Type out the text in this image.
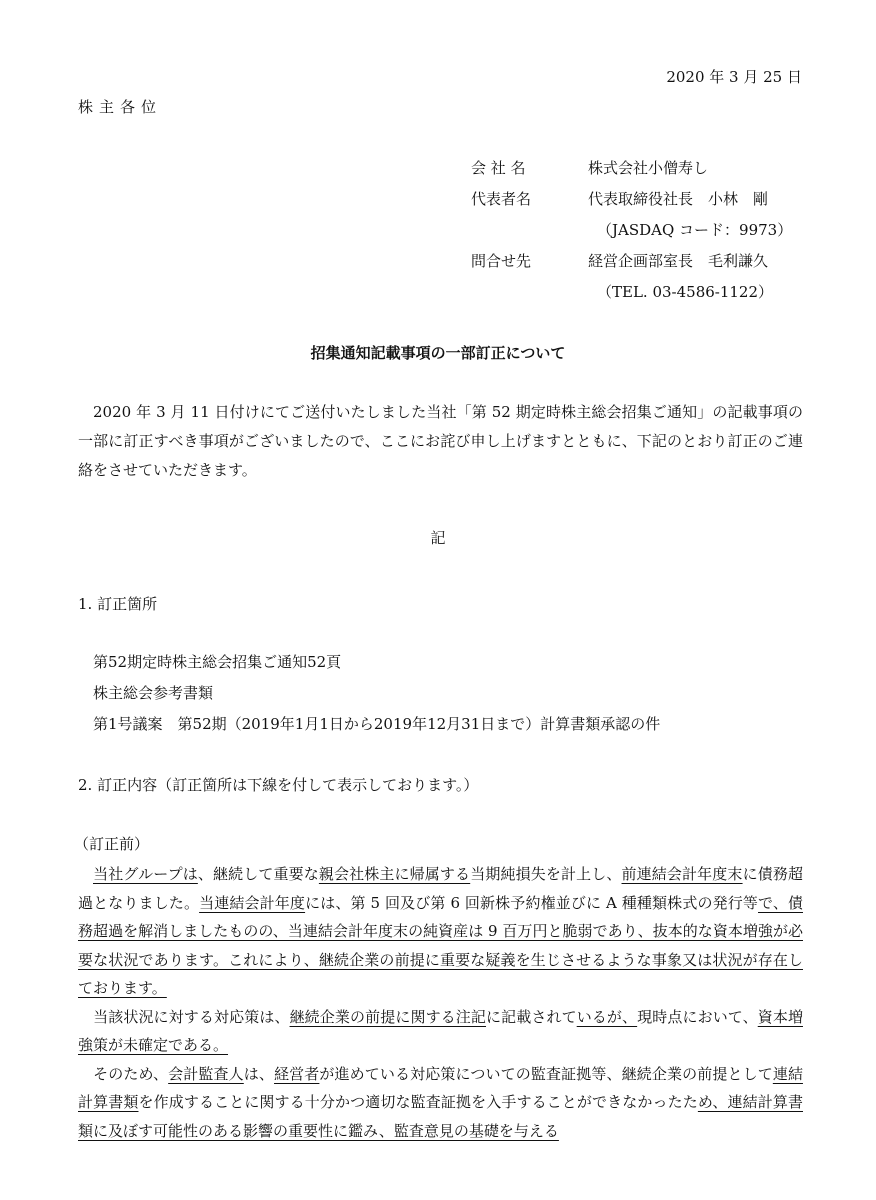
2020 年 3 月 25 日
株主各位
会 社 名	株式会社小僧寿し
代表者名	代表取締役社長　小林　剛
（JASDAQ コード：9973）
問合せ先	経営企画部室長　毛利謙久
（TEL. 03-4586-1122）
招集通知記載事項の一部訂正について
2020 年 3 月 11 日付けにてご送付いたしました当社「第 52 期定時株主総会招集ご通知」の記載事項の一部に訂正すべき事項がございましたので、ここにお詫び申し上げますとともに、下記のとおり訂正のご連絡をさせていただきます。
記
1. 訂正箇所
第52期定時株主総会招集ご通知52頁
株主総会参考書類
第1号議案　第52期（2019年1月1日から2019年12月31日まで）計算書類承認の件
2. 訂正内容（訂正箇所は下線を付して表示しております。）
（訂正前）
当社グループは、継続して重要な親会社株主に帰属する当期純損失を計上し、前連結会計年度末に債務超過となりました。当連結会計年度には、第 5 回及び第 6 回新株予約権並びに A 種種類株式の発行等で、債務超過を解消しましたものの、当連結会計年度末の純資産は 9 百万円と脆弱であり、抜本的な資本増強が必要な状況であります。これにより、継続企業の前提に重要な疑義を生じさせるような事象又は状況が存在しております。
当該状況に対する対応策は、継続企業の前提に関する注記に記載されているが、現時点において、資本増強策が未確定である。
そのため、会計監査人は、経営者が進めている対応策についての監査証拠等、継続企業の前提として連結計算書類を作成することに関する十分かつ適切な監査証拠を入手することができなかったため、連結計算書類に及ぼす可能性のある影響の重要性に鑑み、監査意見の基礎を与える
